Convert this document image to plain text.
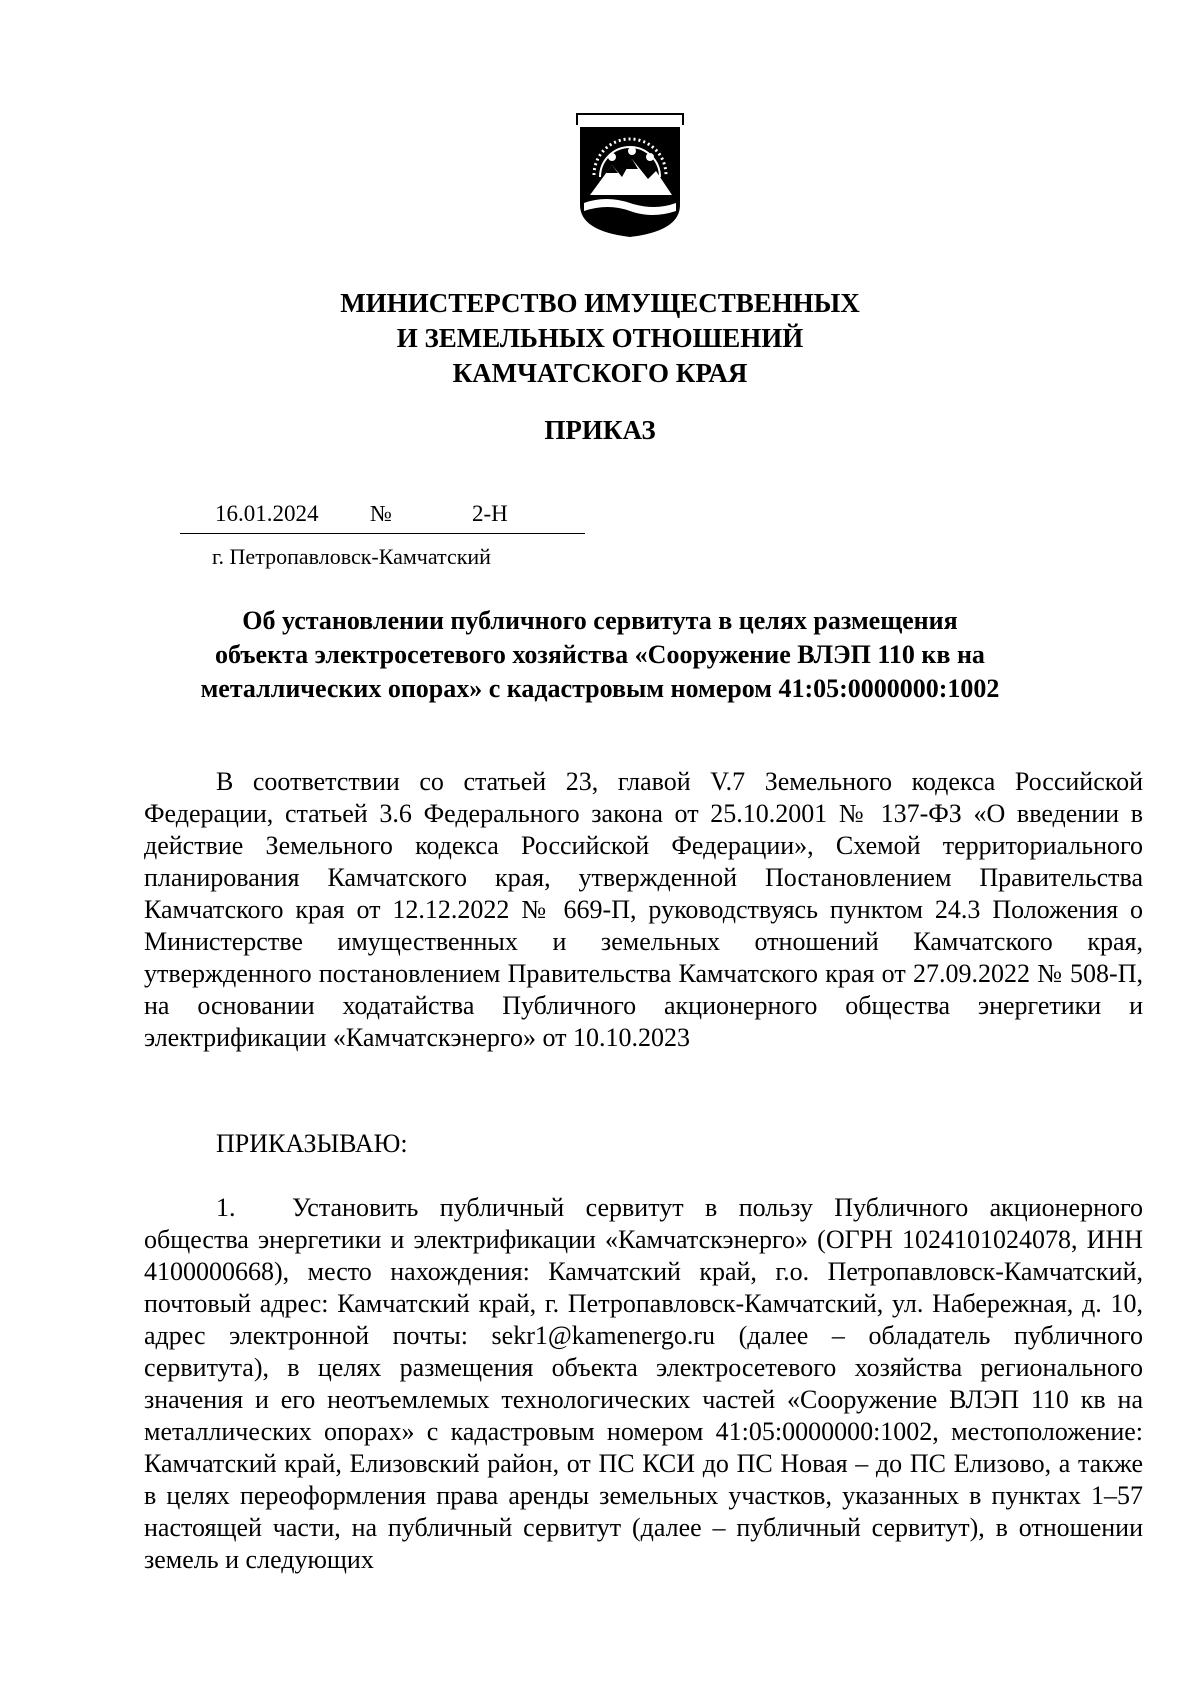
МИНИСТЕРСТВО ИМУЩЕСТВЕННЫХ
И ЗЕМЕЛЬНЫХ ОТНОШЕНИЙ
КАМЧАТСКОГО КРАЯ
ПРИКАЗ
16.01.2024 №	2-Н
г. Петропавловск-Камчатский
Об установлении публичного сервитута в целях размещения
объекта электросетевого хозяйства «Сооружение ВЛЭП 110 кв на
металлических опорах» с кадастровым номером 41:05:0000000:1002
В соответствии со статьей 23, главой V.7 Земельного кодекса Российской Федерации, статьей 3.6 Федерального закона от 25.10.2001 № 137-ФЗ «О введении в действие Земельного кодекса Российской Федерации», Схемой территориального планирования Камчатского края, утвержденной Постановлением Правительства Камчатского края от 12.12.2022 № 669-П, руководствуясь пунктом 24.3 Положения о Министерстве имущественных и земельных отношений Камчатского края, утвержденного постановлением Правительства Камчатского края от 27.09.2022 № 508-П, на основании ходатайства Публичного акционерного общества энергетики и электрификации «Камчатскэнерго» от 10.10.2023
ПРИКАЗЫВАЮ:
1. Установить публичный сервитут в пользу Публичного акционерного общества энергетики и электрификации «Камчатскэнерго» (ОГРН 1024101024078, ИНН 4100000668), место нахождения: Камчатский край, г.о. Петропавловск-Камчатский, почтовый адрес: Камчатский край, г. Петропавловск-Камчатский, ул. Набережная, д. 10, адрес электронной почты: sekr1@kamenergo.ru (далее – обладатель публичного сервитута), в целях размещения объекта электросетевого хозяйства регионального значения и его неотъемлемых технологических частей «Сооружение ВЛЭП 110 кв на металлических опорах» с кадастровым номером 41:05:0000000:1002, местоположение: Камчатский край, Елизовский район, от ПС КСИ до ПС Новая – до ПС Елизово, а также в целях переоформления права аренды земельных участков, указанных в пунктах 1–57 настоящей части, на публичный сервитут (далее – публичный сервитут), в отношении земель и следующих
